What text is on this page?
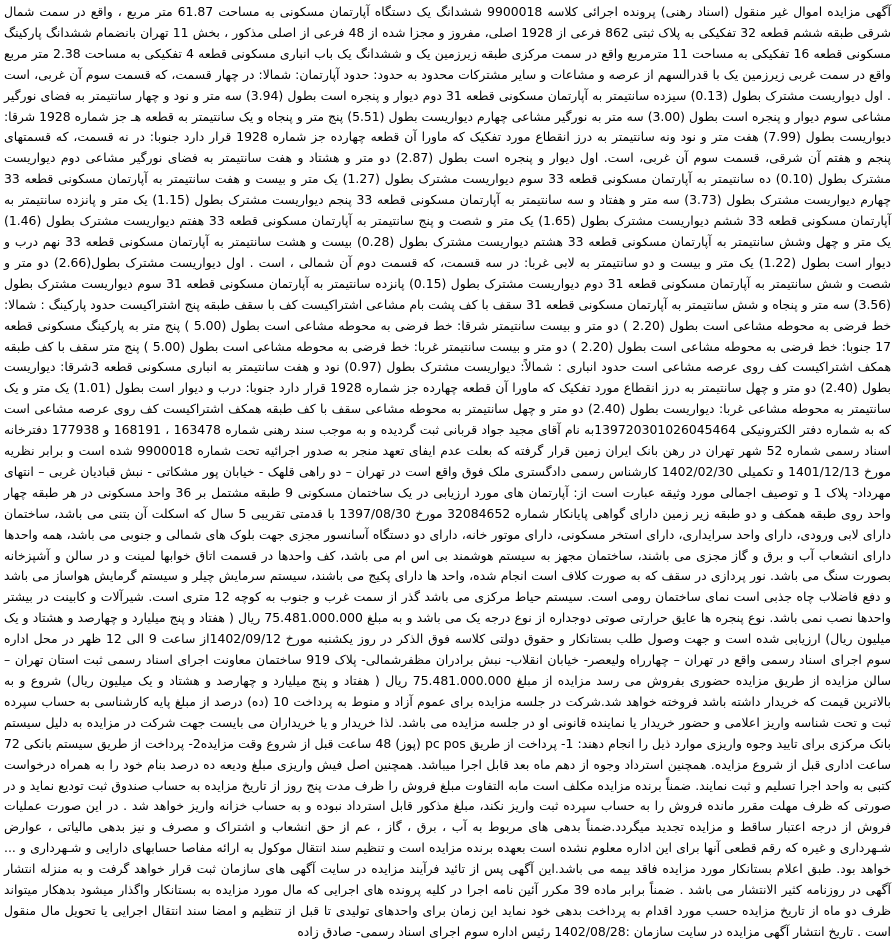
آگهی مزایده اموال غیر منقول (اسناد رهنی) پرونده اجرائی کلاسه 9900018 ششدانگ یک دستگاه آپارتمان مسکونی به مساحت 61.87 متر مربع ، واقع در سمت شمال شرقی طبقه ششم قطعه 32 تفکیکی به پلاک ثبتی 862 فرعی از 1928 اصلی، مفروز و مجزا شده از 48 فرعی از اصلی مذکور ، بخش 11 تهران بانضمام ششدانگ پارکینگ مسکونی قطعه 16 تفکیکی به مساحت 11 مترمربع واقع در سمت مرکزی طبقه زیرزمین یک و ششدانگ یک باب انباری مسکونی قطعه 4 تفکیکی به مساحت 2.38 متر مربع واقع در سمت غربی زیرزمین یک با قدرالسهم از عرصه و مشاعات و سایر مشترکات محدود به حدود: حدود آپارتمان: شمالا: در چهار قسمت، که قسمت سوم آن غربی، است . اول دیواریست مشترک بطول (0.13) سیزده سانتیمتر به آپارتمان مسکونی قطعه 31 دوم دیوار و پنجره است بطول (3.94) سه متر و نود و چهار سانتیمتر به فضای نورگیر مشاعی سوم دیوار و پنجره است بطول (3.00) سه متر به نورگیر مشاعی چهارم دیواریست بطول (5.51) پنج متر و پنجاه و یک سانتیمتر به قطعه هـ جز شماره 1928 شرقا: دیواریست بطول (7.99) هفت متر و نود ونه سانتیمتر به درز انقطاع مورد تفکیک که ماورا آن قطعه چهارده جز شماره 1928 قرار دارد جنوبا: در نه قسمت، که قسمتهای پنجم و هفتم آن شرقی، قسمت سوم آن غربی، است. اول دیوار و پنجره است بطول (2.87) دو متر و هشتاد و هفت سانتیمتر به فضای نورگیر مشاعی دوم دیواریست مشترک بطول (0.10) ده سانتیمتر به آپارتمان مسکونی قطعه 33 سوم دیواریست مشترک بطول (1.27) یک متر و بیست و هفت سانتیمتر به آپارتمان مسکونی قطعه 33 چهارم دیواریست مشترک بطول (3.73) سه متر و هفتاد و سه سانتیمتر به آپارتمان مسکونی قطعه 33 پنجم دیواریست مشترک بطول (1.15) یک متر و پانزده سانتیمتر به آپارتمان مسکونی قطعه 33 ششم دیواریست مشترک بطول (1.65) یک متر و شصت و پنج سانتیمتر به آپارتمان مسکونی قطعه 33 هفتم دیواریست مشترک بطول (1.46) یک متر و چهل وشش سانتیمتر به آپارتمان مسکونی قطعه 33 هشتم دیواریست مشترک بطول (0.28) بیست و هشت سانتیمتر به آپارتمان مسکونی قطعه 33 نهم درب و دیوار است بطول (1.22) یک متر و بیست و دو سانتیمتر به لابی غربا: در سه قسمت، که قسمت دوم آن شمالی ، است . اول دیواریست مشترک بطول(2.66) دو متر و شصت و شش سانتیمتر به آپارتمان مسکونی قطعه 31 دوم دیواریست مشترک بطول (0.15) پانزده سانتیمتر به آپارتمان مسکونی قطعه 31 سوم دیواریست مشترک بطول (3.56) سه متر و پنجاه و شش سانتیمتر به آپارتمان مسکونی قطعه 31 سقف با کف پشت بام مشاعی اشتراکیست کف با سقف طبقه پنج اشتراکیست حدود پارکینگ : شمالا: خط فرضی به محوطه مشاعی است بطول (2.20 ) دو متر و بیست سانتیمتر شرقا: خط فرضی به محوطه مشاعی است بطول (5.00 ) پنج متر به پارکینگ مسکونی قطعه 17 جنوبا: خط فرضی به محوطه مشاعی است بطول (2.20 ) دو متر و بیست سانتیمتر غربا: خط فرضی به محوطه مشاعی است بطول (5.00 ) پنج متر سقف با کف طبقه همکف اشتراکیست کف روی عرصه مشاعی است حدود انباری : شمالاً: دیواریست مشترک بطول (0.97) نود و هفت سانتیمتر به انباری مسکونی قطعه 3شرقا: دیواریست بطول (2.40) دو متر و چهل سانتیمتر به درز انقطاع مورد تفکیک که ماورا آن قطعه چهارده جز شماره 1928 قرار دارد جنوبا: درب و دیوار است بطول (1.01) یک متر و یک سانتیمتر به محوطه مشاعی غربا: دیواریست بطول (2.40) دو متر و چهل سانتیمتر به محوطه مشاعی سقف با کف طبقه همکف اشتراکیست کف روی عرصه مشاعی است که به شماره دفتر الکترونیکی 139720301026045464به نام آقای مجید جواد قربانی ثبت گردیده و به موجب سند رهنی شماره 163478 ، 168191 و 177938 دفترخانه اسناد رسمی شماره 52 شهر تهران در رهن بانک ایران زمین قرار گرفته که بعلت عدم ایفای تعهد منجر به صدور اجرائیه تحت شماره 9900018 شده است و برابر نظریه مورخ 1401/12/13 و تکمیلی 1402/02/30 کارشناس رسمی دادگستری ملک فوق واقع است در تهران – دو راهی قلهک - خیابان پور مشکاتی - نبش قبادیان غربی – انتهای مهرداد- پلاک 1 و توصیف اجمالی مورد وثیقه عبارت است از: آپارتمان های مورد ارزیابی در یک ساختمان مسکونی 9 طبقه مشتمل بر 36 واحد مسکونی در هر طبقه چهار واحد روی طبقه همکف و دو طبقه زیر زمین دارای گواهی پایانکار شماره 32084652 مورخ 1397/08/30 با قدمتی تقریبی 5 سال که اسکلت آن بتنی می باشد، ساختمان دارای لابی ورودی، دارای واحد سرایداری، دارای استخر مسکونی، دارای موتور خانه، دارای دو دستگاه آسانسور مجزی جهت بلوک های شمالی و جنوبی می باشد، همه واحدها دارای انشعاب آب و برق و گاز مجزی می باشند، ساختمان مجهز به سیستم هوشمند بی اس ام می باشد، کف واحدها در قسمت اتاق خوابها لمینت و در سالن و آشپزخانه بصورت سنگ می باشد. نور پردازی در سقف که به صورت کلاف است انجام شده، واحد ها دارای پکیج می باشند، سیستم سرمایش چیلر و سیستم گرمایش هواساز می باشد و دفع فاضلاب چاه جذبی است نمای ساختمان رومی است. سیستم حیاط مرکزی می باشد گذر از سمت غرب و جنوب به کوچه 12 متری است. شیرآلات و کابینت در بیشتر واحدها نصب نمی باشد. نوع پنجره ها عایق حرارتی صوتی دوجداره از نوع درجه یک می باشد و به مبلغ 75.481.000.000 ریال ( هفتاد و پنج میلیارد و چهارصد و هشتاد و یک میلیون ریال) ارزیابی شده است و جهت وصول طلب بستانکار و حقوق دولتی کلاسه فوق الذکر در روز یکشنبه مورخ 1402/09/12از ساعت 9 الی 12 ظهر در محل اداره سوم اجرای اسناد رسمی واقع در تهران – چهارراه ولیعصر- خیابان انقلاب- نبش برادران مظفرشمالی- پلاک 919 ساختمان معاونت اجرای اسناد رسمی ثبت استان تهران – سالن مزایده از طریق مزایده حضوری بفروش می رسد مزایده از مبلغ 75.481.000.000 ریال ( هفتاد و پنج میلیارد و چهارصد و هشتاد و یک میلیون ریال) شروع و به بالاترین قیمت که خریدار داشته باشد فروخته خواهد شد.شرکت در جلسه مزایده برای عموم آزاد و منوط به پرداخت 10 (ده) درصد از مبلغ پایه کارشناسی به حساب سپرده ثبت و تحت شناسه واریز اعلامی و حضور خریدار یا نماینده قانونی او در جلسه مزایده می باشد. لذا خریدار و یا خریداران می بایست جهت شرکت در مزایده به دلیل سیستم بانک مرکزی برای تایید وجوه واریزی موارد ذیل را انجام دهند: 1- پرداخت از طریق pc pos (پوز) 48 ساعت قبل از شروع وقت مزایده2- پرداخت از طریق سیستم بانکی 72 ساعت اداری قبل از شروع مزایده. همچنین استرداد وجوه از دهم ماه بعد قابل اجرا میباشد. همچنین اصل فیش واریزی مبلغ ودیعه ده درصد بنام خود را به همراه درخواست کتبی به واحد اجرا تسلیم و ثبت نمایند. ضمناً برنده مزایده مکلف است مابه التفاوت مبلغ فروش را ظرف مدت پنج روز از تاریخ مزایده به حساب صندوق ثبت تودیع نماید و در صورتی که ظرف مهلت مقرر مانده فروش را به حساب سپرده ثبت واریز نکند، مبلغ مذکور قابل استرداد نبوده و به حساب خزانه واریز خواهد شد . در این صورت عملیات فروش از درجه اعتبار ساقط و مزایده تجدید میگردد.ضمناً بدهی های مربوط به آب ، برق ، گاز ، عم از حق انشعاب و اشتراک و مصرف و نیز بدهی مالیاتی ، عوارض شـهرداری و غیره که رقم قطعی آنها برای این اداره معلوم نشده است بعهده برنده مزایده است و تنظیم سند انتقال موکول به ارائه مفاصا حسابهای دارایی و شـهرداری و ... خواهد بود. طبق اعلام بستانکار مورد مزایده فاقد بیمه می باشد.این آگهی پس از تائید فرآیند مزایده در سایت آگهی های سازمان ثبت قرار خواهد گرفت و به منزله انتشار آگهی در روزنامه کثیر الانتشار می باشد . ضمناً برابر ماده 39 مکرر آئین نامه اجرا در کلیه پرونده های اجرایی که مال مورد مزایده به بستانکار واگذار میشود بدهکار میتواند ظرف دو ماه از تاریخ مزایده حسب مورد اقدام به پرداخت بدهی خود نماید این زمان برای واحدهای تولیدی تا قبل از تنظیم و امضا سند انتقال اجرایی یا تحویل مال منقول است . تاریخ انتشار آگهی مزایده در سایت سازمان :1402/08/28 رئیس اداره سوم اجرای اسناد رسمی- صادق زاده
